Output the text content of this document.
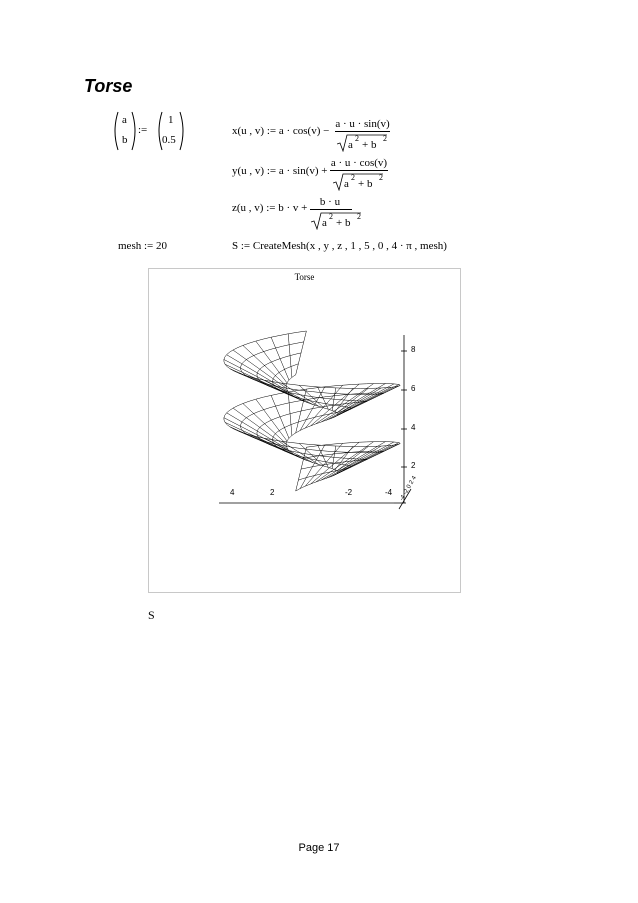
Torse
a
b
:=
1
0.5
x(u , v) := a · cos(v) −
a · u · sin(v)
a
2
+ b
2
y(u , v) := a · sin(v) +
a · u · cos(v)
a
2
+ b
2
z(u , v) := b · v +	b · u
a
2
+ b
2
mesh := 20	S := CreateMesh(x , y , z , 1 , 5 , 0 , 4 · π , mesh)
Torse
4	2	-2	-4
8
6
4
2
-4 -2 0 2 4
S
Page 17
